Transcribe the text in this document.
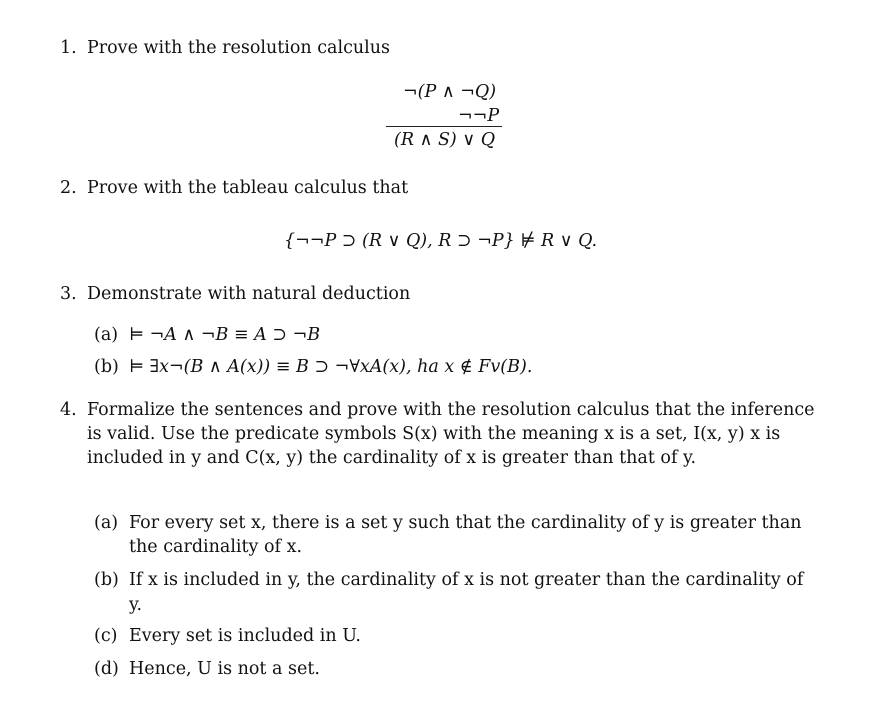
1. Prove with the resolution calculus
¬(P ∧ ¬Q)
¬¬P
(R ∧ S) ∨ Q
2. Prove with the tableau calculus that
{¬¬P ⊃ (R ∨ Q), R ⊃ ¬P} ⊭ R ∨ Q.
3. Demonstrate with natural deduction
(a) ⊨ ¬A ∧ ¬B ≡ A ⊃ ¬B
(b) ⊨ ∃x¬(B ∧ A(x)) ≡ B ⊃ ¬∀xA(x), ha x ∉ Fv(B).
4. Formalize the sentences and prove with the resolution calculus that the inference
is valid. Use the predicate symbols S(x) with the meaning x is a set, I(x, y) x is
included in y and C(x, y) the cardinality of x is greater than that of y.
(a) For every set x, there is a set y such that the cardinality of y is greater than
the cardinality of x.
(b) If x is included in y, the cardinality of x is not greater than the cardinality of
y.
(c) Every set is included in U.
(d) Hence, U is not a set.
